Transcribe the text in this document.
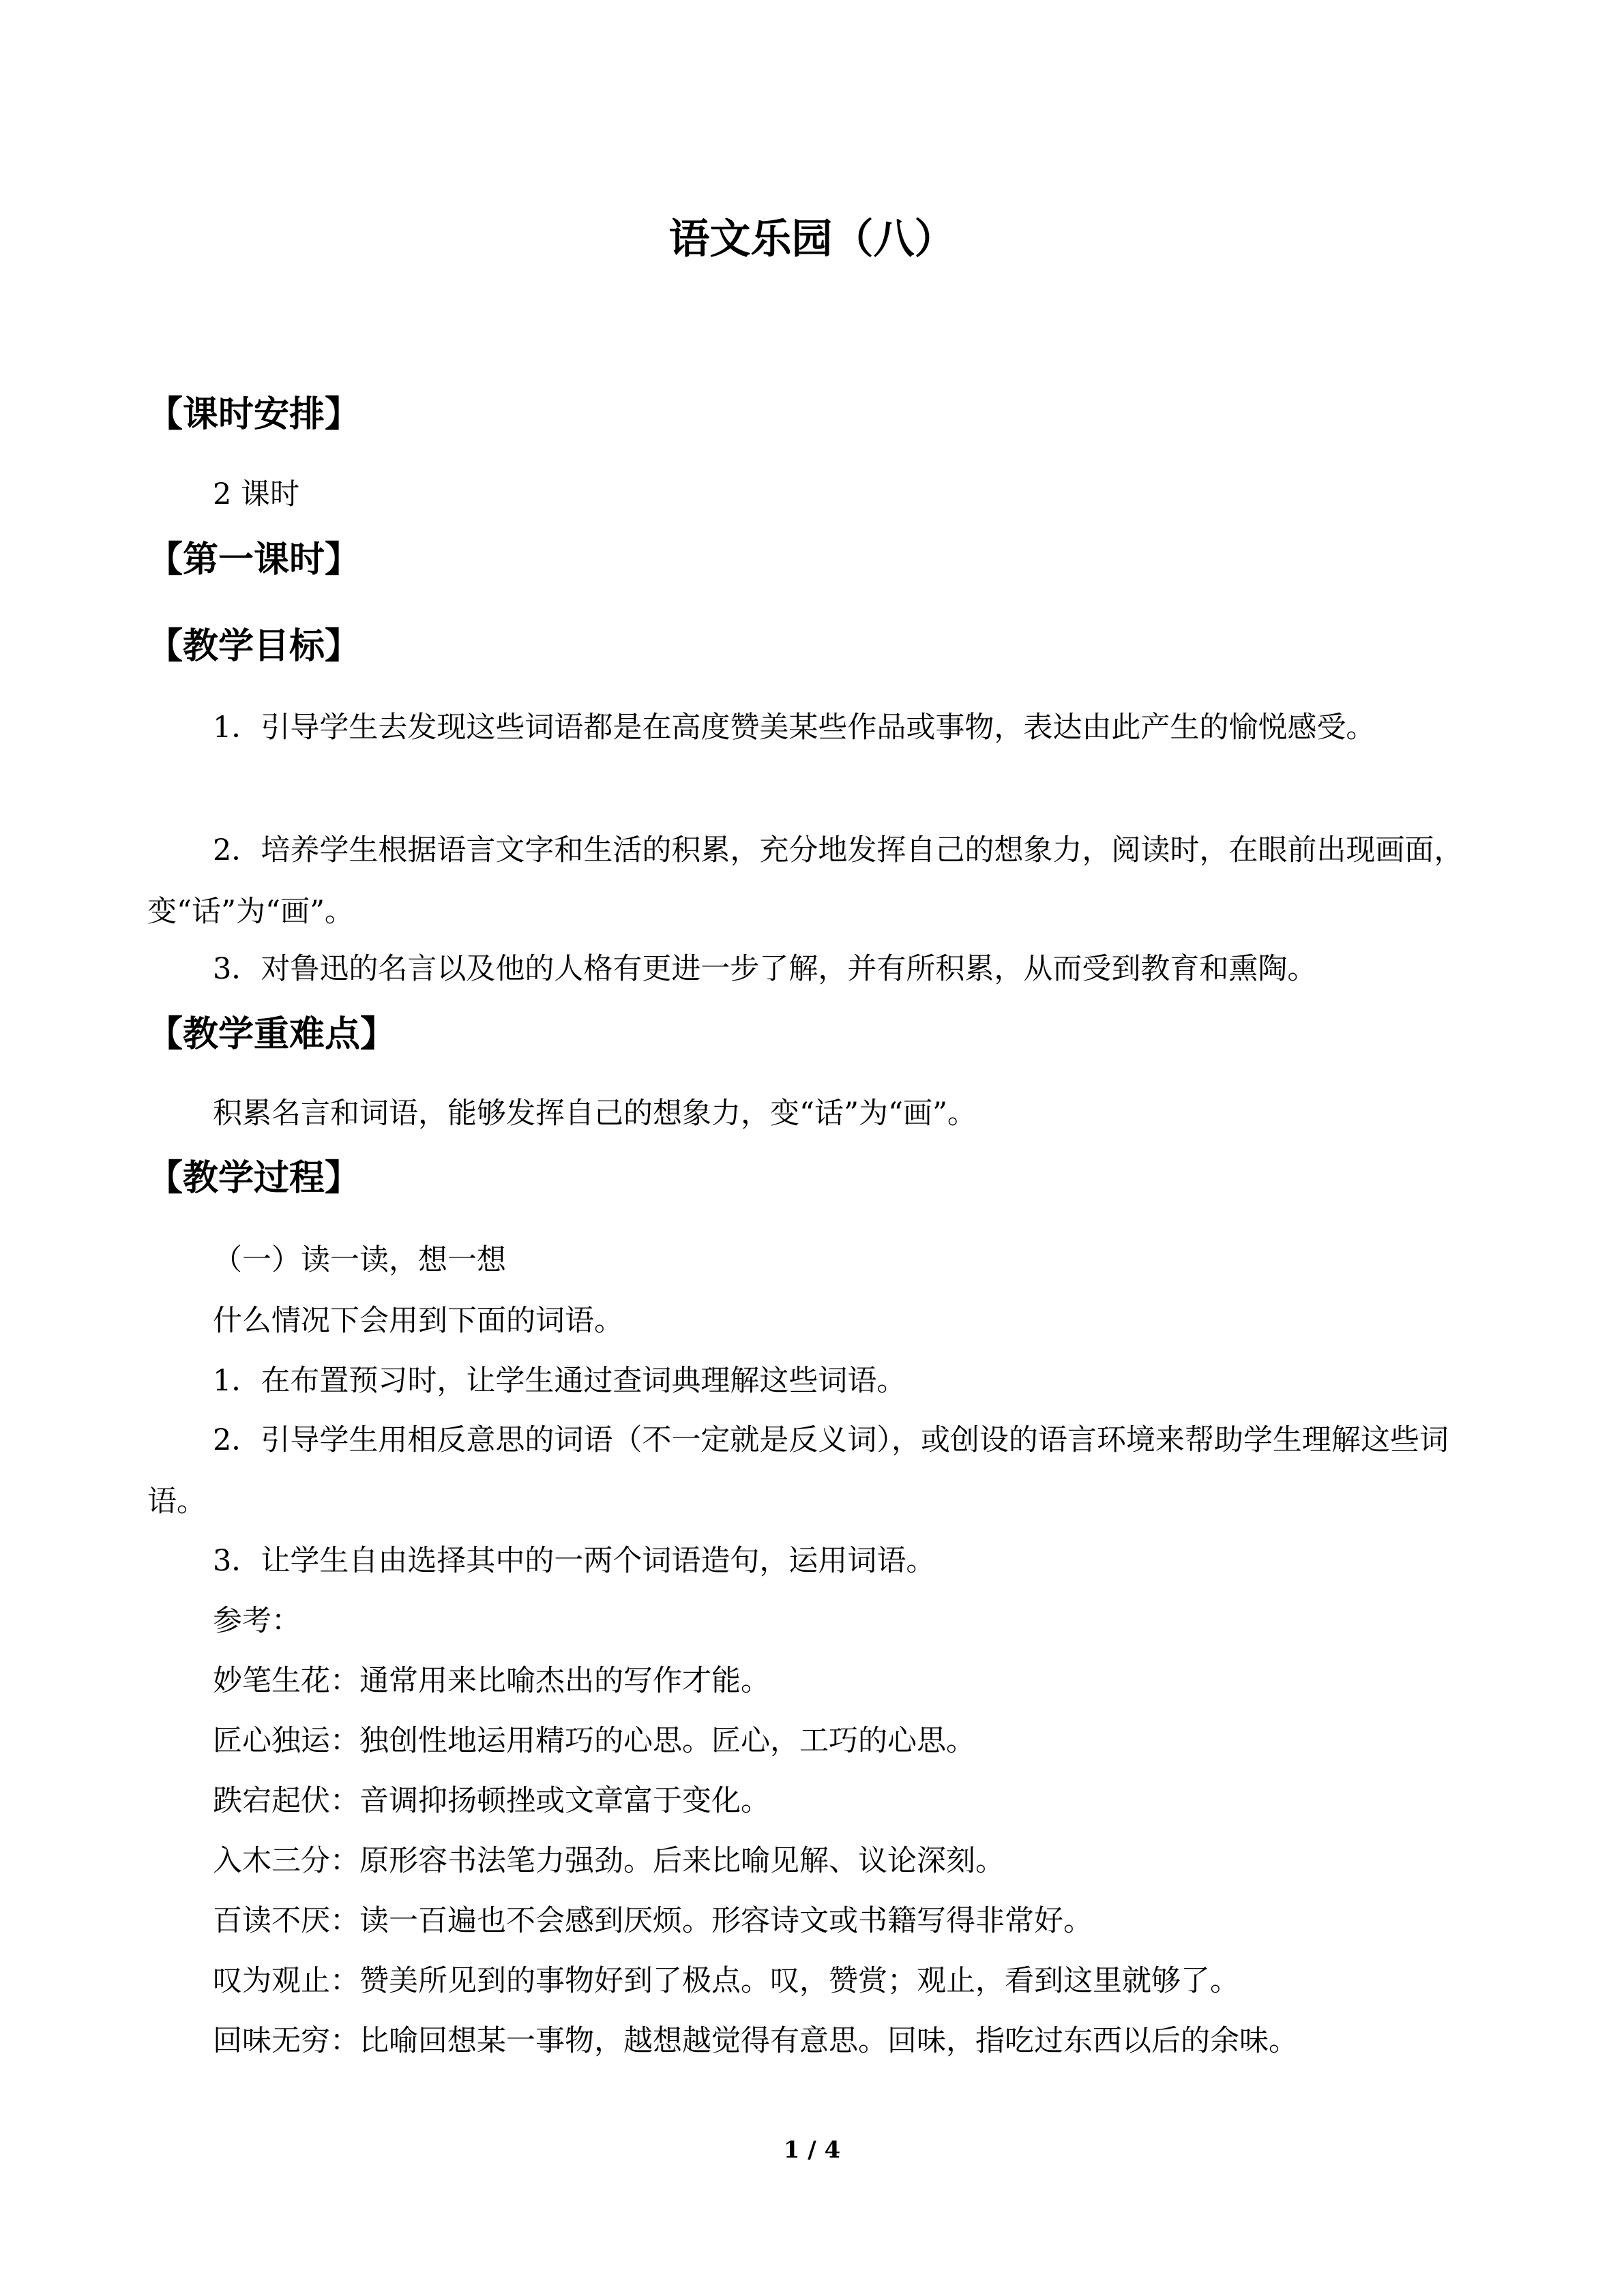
语文乐园（八）
【课时安排】
2 课时
【第一课时】
【教学目标】
1．引导学生去发现这些词语都是在高度赞美某些作品或事物，表达由此产生的愉悦感受。
2．培养学生根据语言文字和生活的积累，充分地发挥自己的想象力，阅读时，在眼前出现画面，变“话”为“画”。
3．对鲁迅的名言以及他的人格有更进一步了解，并有所积累，从而受到教育和熏陶。
【教学重难点】
积累名言和词语，能够发挥自己的想象力，变“话”为“画”。
【教学过程】
（一）读一读，想一想
什么情况下会用到下面的词语。
1．在布置预习时，让学生通过查词典理解这些词语。
2．引导学生用相反意思的词语（不一定就是反义词），或创设的语言环境来帮助学生理解这些词语。
3．让学生自由选择其中的一两个词语造句，运用词语。
参考：
妙笔生花：通常用来比喻杰出的写作才能。
匠心独运：独创性地运用精巧的心思。匠心，工巧的心思。
跌宕起伏：音调抑扬顿挫或文章富于变化。
入木三分：原形容书法笔力强劲。后来比喻见解、议论深刻。
百读不厌：读一百遍也不会感到厌烦。形容诗文或书籍写得非常好。
叹为观止：赞美所见到的事物好到了极点。叹，赞赏；观止，看到这里就够了。
回味无穷：比喻回想某一事物，越想越觉得有意思。回味，指吃过东西以后的余味。
1 / 4
